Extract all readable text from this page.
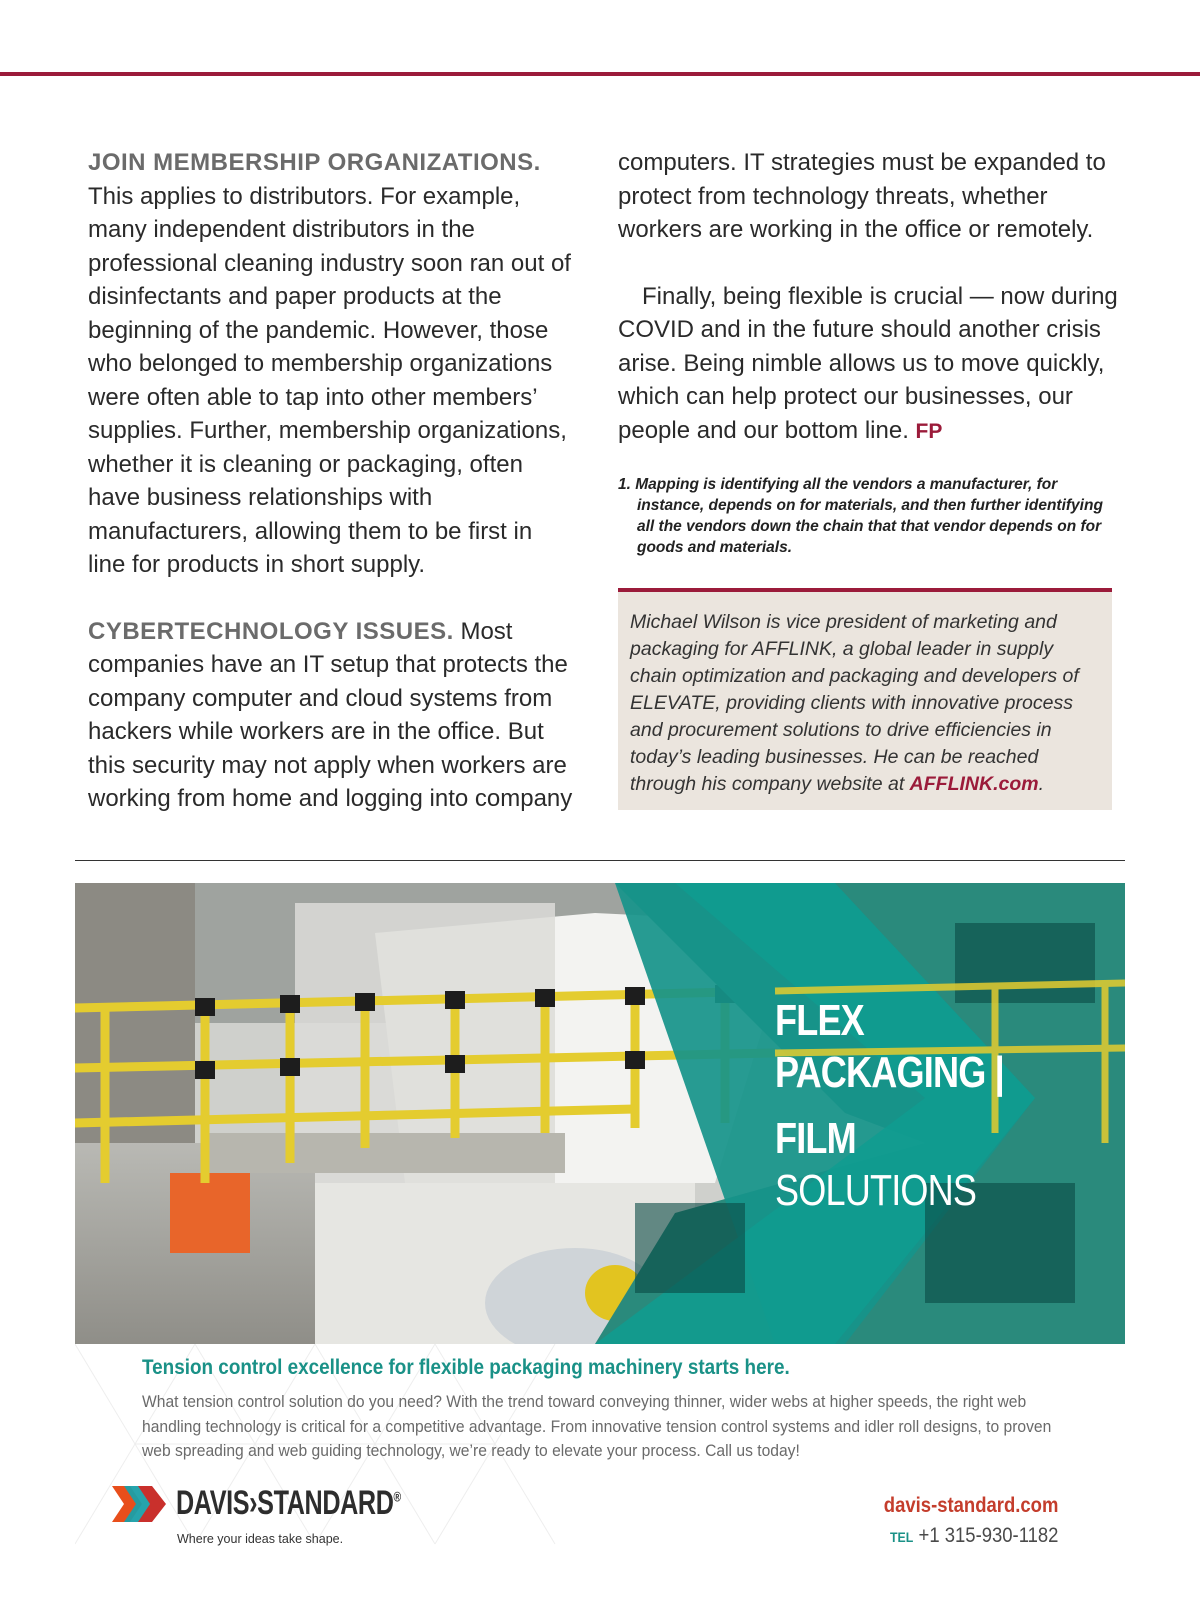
JOIN MEMBERSHIP ORGANIZATIONS. This applies to distributors. For example, many independent distributors in the professional cleaning industry soon ran out of disinfectants and paper products at the beginning of the pandemic. However, those who belonged to membership organizations were often able to tap into other members’ supplies. Further, membership organizations, whether it is cleaning or packaging, often have business relationships with manufacturers, allowing them to be first in line for products in short supply.

CYBERTECHNOLOGY ISSUES. Most companies have an IT setup that protects the company computer and cloud systems from hackers while workers are in the office. But this security may not apply when workers are working from home and logging into company

computers. IT strategies must be expanded to protect from technology threats, whether workers are working in the office or remotely.

Finally, being flexible is crucial — now during COVID and in the future should another crisis arise. Being nimble allows us to move quickly, which can help protect our businesses, our people and our bottom line. FP

1. Mapping is identifying all the vendors a manufacturer, for instance, depends on for materials, and then further identifying all the vendors down the chain that that vendor depends on for goods and materials.

Michael Wilson is vice president of marketing and packaging for AFFLINK, a global leader in supply chain optimization and packaging and developers of ELEVATE, providing clients with innovative process and procurement solutions to drive efficiencies in today’s leading businesses. He can be reached through his company website at AFFLINK.com.

FLEX
PACKAGING |
FILM
SOLUTIONS

Tension control excellence for flexible packaging machinery starts here.

What tension control solution do you need? With the trend toward conveying thinner, wider webs at higher speeds, the right web handling technology is critical for a competitive advantage. From innovative tension control systems and idler roll designs, to proven web spreading and web guiding technology, we’re ready to elevate your process. Call us today!

DAVIS›STANDARD®

Where your ideas take shape.

davis-standard.com

TEL +1 315-930-1182
